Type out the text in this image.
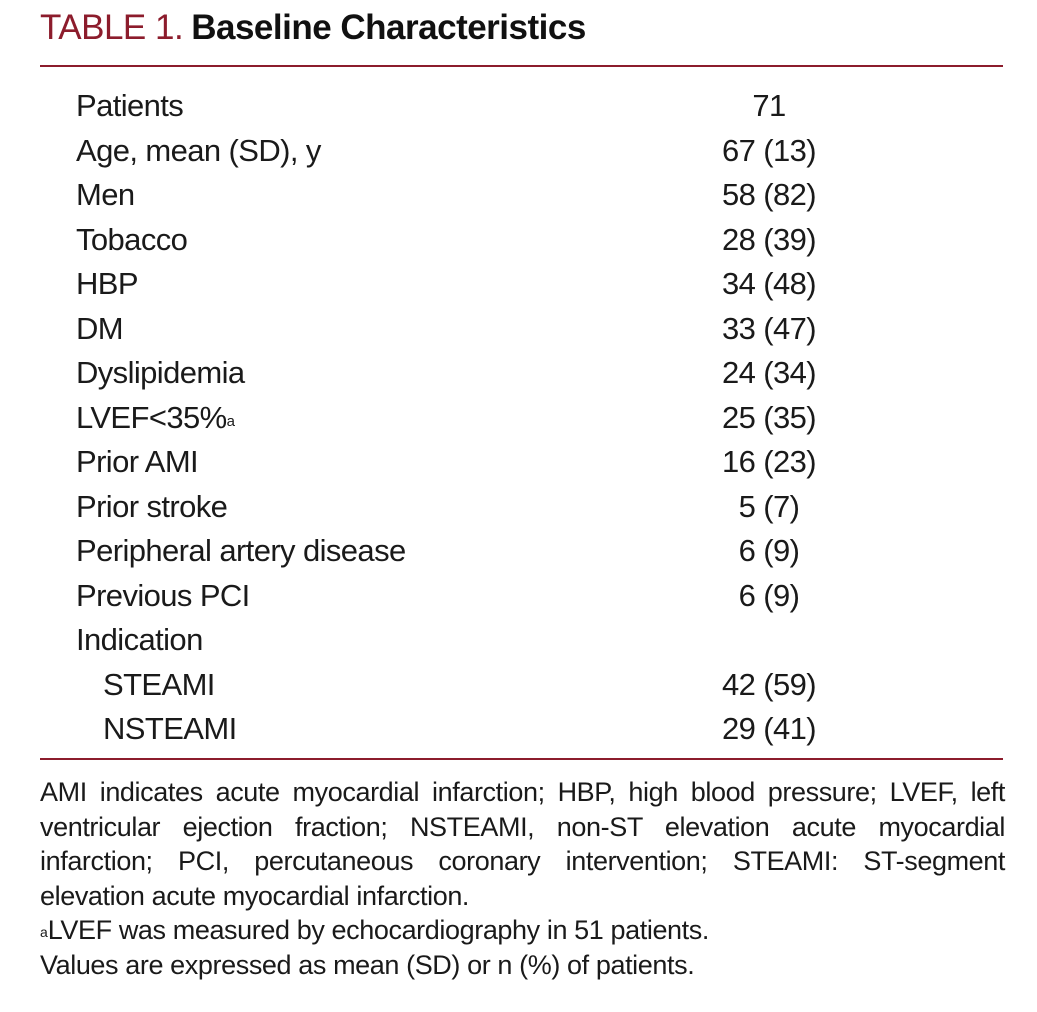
TABLE 1. Baseline Characteristics
Patients	71
Age, mean (SD), y	67 (13)
Men	58 (82)
Tobacco	28 (39)
HBP	34 (48)
DM	33 (47)
Dyslipidemia	24 (34)
LVEF<35%$^a$	25 (35)
Prior AMI	16 (23)
Prior stroke	5 (7)
Peripheral artery disease	6 (9)
Previous PCI	6 (9)
Indication
STEAMI	42 (59)
NSTEAMI	29 (41)

AMI indicates acute myocardial infarction; HBP, high blood pressure; LVEF, left ventricular ejection fraction; NSTEAMI, non-ST elevation acute myocardial infarction; PCI, percutaneous coronary intervention; STEAMI: ST-segment elevation acute myocardial infarction.

$^a$LVEF was measured by echocardiography in 51 patients.

Values are expressed as mean (SD) or n (%) of patients.
